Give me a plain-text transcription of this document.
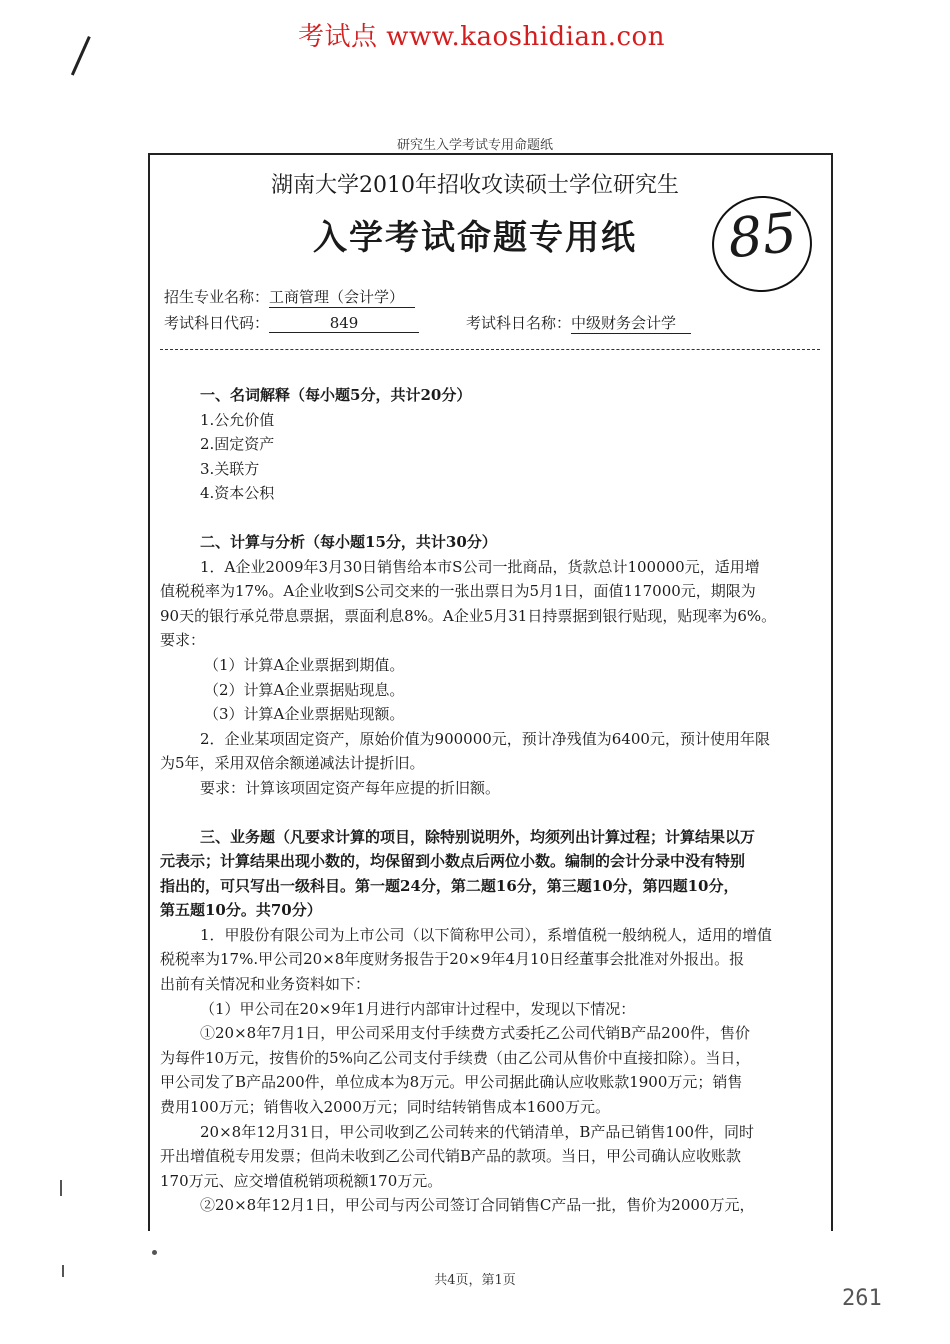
考试点 www.kaoshidian.con
研究生入学考试专用命题纸
湖南大学2010年招收攻读硕士学位研究生
入学考试命题专用纸	85
招生专业名称：工商管理（会计学）
考试科日代码：	849	考试科日名称：中级财务会计学

一、名词解释（每小题5分，共计20分）

1.公允价值

2.固定资产

3.关联方

4.资本公积

二、计算与分析（每小题15分，共计30分）

1．A企业2009年3月30日销售给本市S公司一批商品，货款总计100000元，适用增

值税税率为17%。A企业收到S公司交来的一张出票日为5月1日，面值117000元，期限为

90天的银行承兑带息票据，票面利息8%。A企业5月31日持票据到银行贴现，贴现率为6%。

要求：

（1）计算A企业票据到期值。

（2）计算A企业票据贴现息。

（3）计算A企业票据贴现额。

2．企业某项固定资产，原始价值为900000元，预计净残值为6400元，预计使用年限

为5年，采用双倍余额递减法计提折旧。

要求：计算该项固定资产每年应提的折旧额。

三、业务题（凡要求计算的项目，除特别说明外，均须列出计算过程；计算结果以万

元表示；计算结果出现小数的，均保留到小数点后两位小数。编制的会计分录中没有特别

指出的，可只写出一级科目。第一题24分，第二题16分，第三题10分，第四题10分，

第五题10分。共70分）

1．甲股份有限公司为上市公司（以下简称甲公司），系增值税一般纳税人，适用的增值

税税率为17%.甲公司20×8年度财务报告于20×9年4月10日经董事会批准对外报出。报

出前有关情况和业务资料如下：

（1）甲公司在20×9年1月进行内部审计过程中，发现以下情况：

①20×8年7月1日，甲公司采用支付手续费方式委托乙公司代销B产品200件，售价

为每件10万元，按售价的5%向乙公司支付手续费（由乙公司从售价中直接扣除）。当日，

甲公司发了B产品200件，单位成本为8万元。甲公司据此确认应收账款1900万元；销售

费用100万元；销售收入2000万元；同时结转销售成本1600万元。

20×8年12月31日，甲公司收到乙公司转来的代销清单，B产品已销售100件，同时

开出增值税专用发票；但尚未收到乙公司代销B产品的款项。当日，甲公司确认应收账款

170万元、应交增值税销项税额170万元。

②20×8年12月1日，甲公司与丙公司签订合同销售C产品一批，售价为2000万元，

共4页，第1页
261
